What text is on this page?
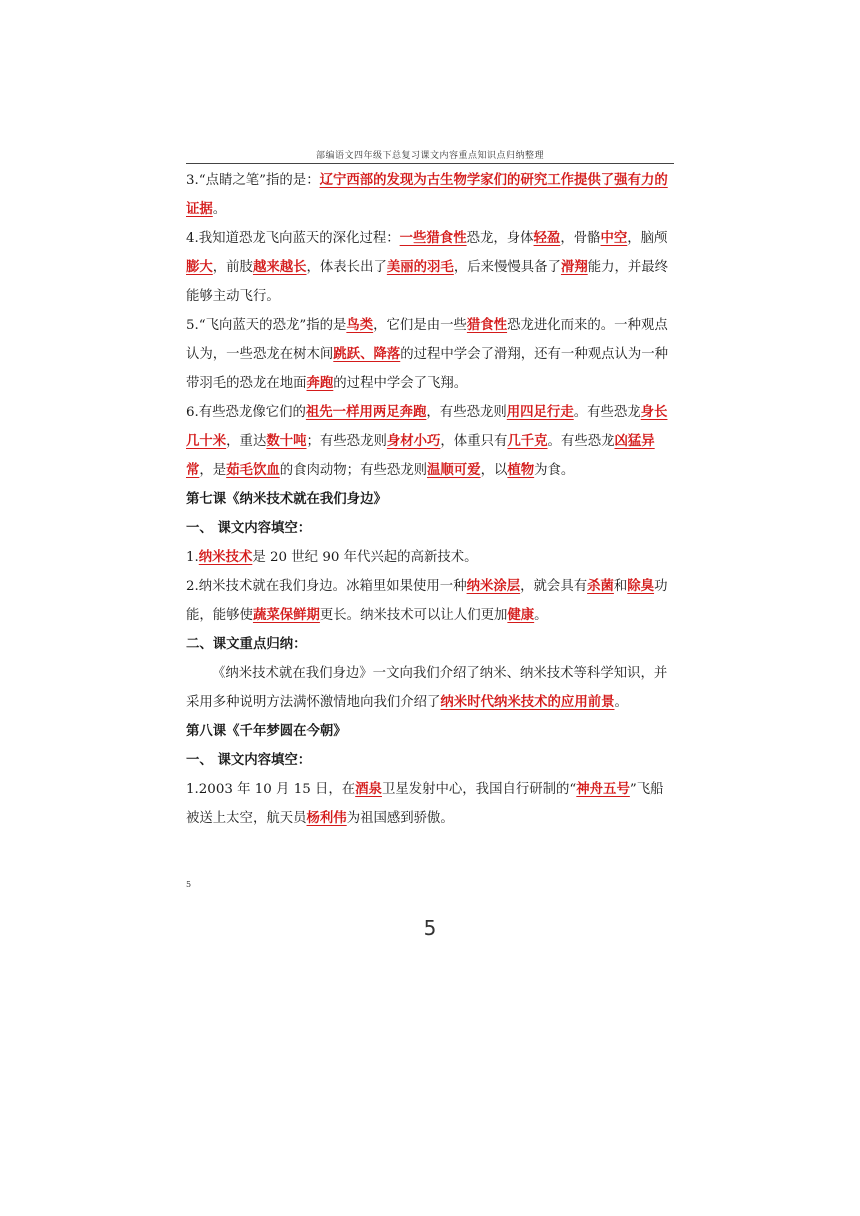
部编语文四年级下总复习课文内容重点知识点归纳整理

3.“点睛之笔”指的是：辽宁西部的发现为古生物学家们的研究工作提供了强有力的证据。

4.我知道恐龙飞向蓝天的深化过程：一些猎食性恐龙，身体轻盈，骨骼中空，脑颅膨大，前肢越来越长，体表长出了美丽的羽毛，后来慢慢具备了滑翔能力，并最终能够主动飞行。

5.“飞向蓝天的恐龙”指的是鸟类，它们是由一些猎食性恐龙进化而来的。一种观点认为，一些恐龙在树木间跳跃、降落的过程中学会了滑翔，还有一种观点认为一种带羽毛的恐龙在地面奔跑的过程中学会了飞翔。

6.有些恐龙像它们的祖先一样用两足奔跑，有些恐龙则用四足行走。有些恐龙身长几十米，重达数十吨；有些恐龙则身材小巧，体重只有几千克。有些恐龙凶猛异常，是茹毛饮血的食肉动物；有些恐龙则温顺可爱，以植物为食。

第七课《纳米技术就在我们身边》

一、 课文内容填空：

1.纳米技术是 20 世纪 90 年代兴起的高新技术。

2.纳米技术就在我们身边。冰箱里如果使用一种纳米涂层，就会具有杀菌和除臭功能，能够使蔬菜保鲜期更长。纳米技术可以让人们更加健康。

二、课文重点归纳：

《纳米技术就在我们身边》一文向我们介绍了纳米、纳米技术等科学知识，并采用多种说明方法满怀激情地向我们介绍了纳米时代纳米技术的应用前景。

第八课《千年梦圆在今朝》

一、 课文内容填空：

1.2003 年 10 月 15 日，在酒泉卫星发射中心，我国自行研制的“神舟五号”飞船被送上太空，航天员杨利伟为祖国感到骄傲。

5
5
